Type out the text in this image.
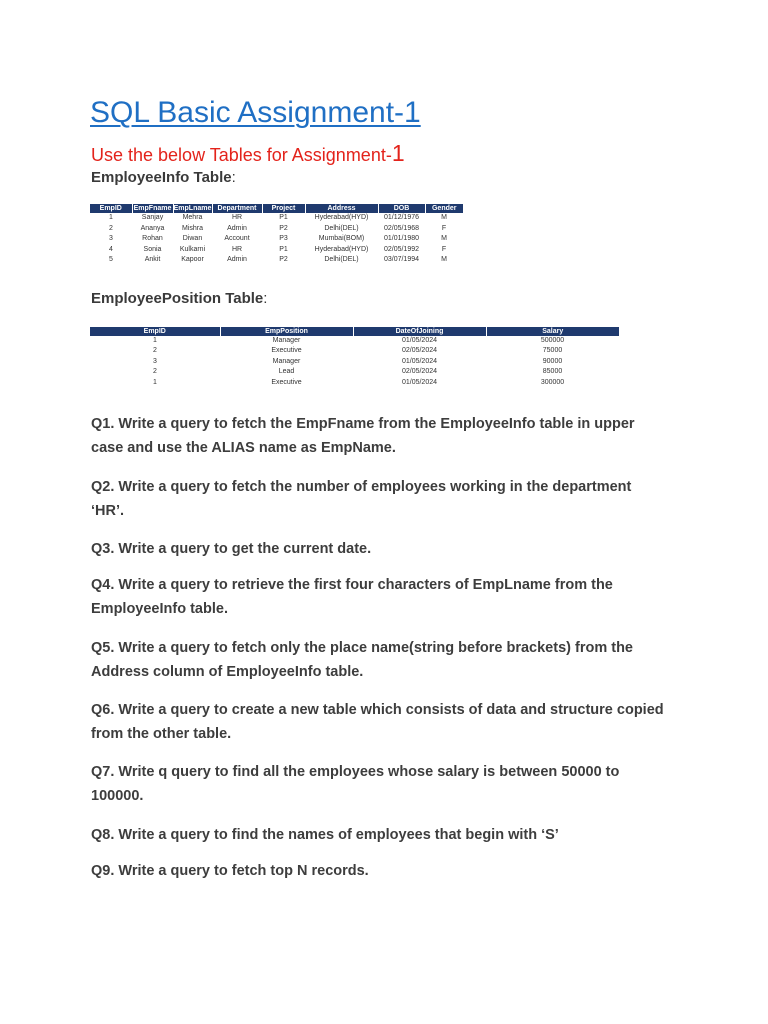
SQL Basic Assignment-1
Use the below Tables for Assignment-1
EmployeeInfo Table:
EmpID	EmpFname	EmpLname	Department	Project	Address	DOB	Gender
1	Sanjay	Mehra	HR	P1	Hyderabad(HYD)	01/12/1976	M
2	Ananya	Mishra	Admin	P2	Delhi(DEL)	02/05/1968	F
3	Rohan	Diwan	Account	P3	Mumbai(BOM)	01/01/1980	M
4	Sonia	Kulkarni	HR	P1	Hyderabad(HYD)	02/05/1992	F
5	Ankit	Kapoor	Admin	P2	Delhi(DEL)	03/07/1994	M
EmployeePosition Table:
EmpID	EmpPosition	DateOfJoining	Salary
1	Manager	01/05/2024	500000
2	Executive	02/05/2024	75000
3	Manager	01/05/2024	90000
2	Lead	02/05/2024	85000
1	Executive	01/05/2024	300000
Q1. Write a query to fetch the EmpFname from the EmployeeInfo table in upper
case and use the ALIAS name as EmpName.
Q2. Write a query to fetch the number of employees working in the department
‘HR’.
Q3. Write a query to get the current date.
Q4. Write a query to retrieve the first four characters of EmpLname from the
EmployeeInfo table.
Q5. Write a query to fetch only the place name(string before brackets) from the
Address column of EmployeeInfo table.
Q6. Write a query to create a new table which consists of data and structure copied
from the other table.
Q7. Write q query to find all the employees whose salary is between 50000 to
100000.
Q8. Write a query to find the names of employees that begin with ‘S’
Q9. Write a query to fetch top N records.
